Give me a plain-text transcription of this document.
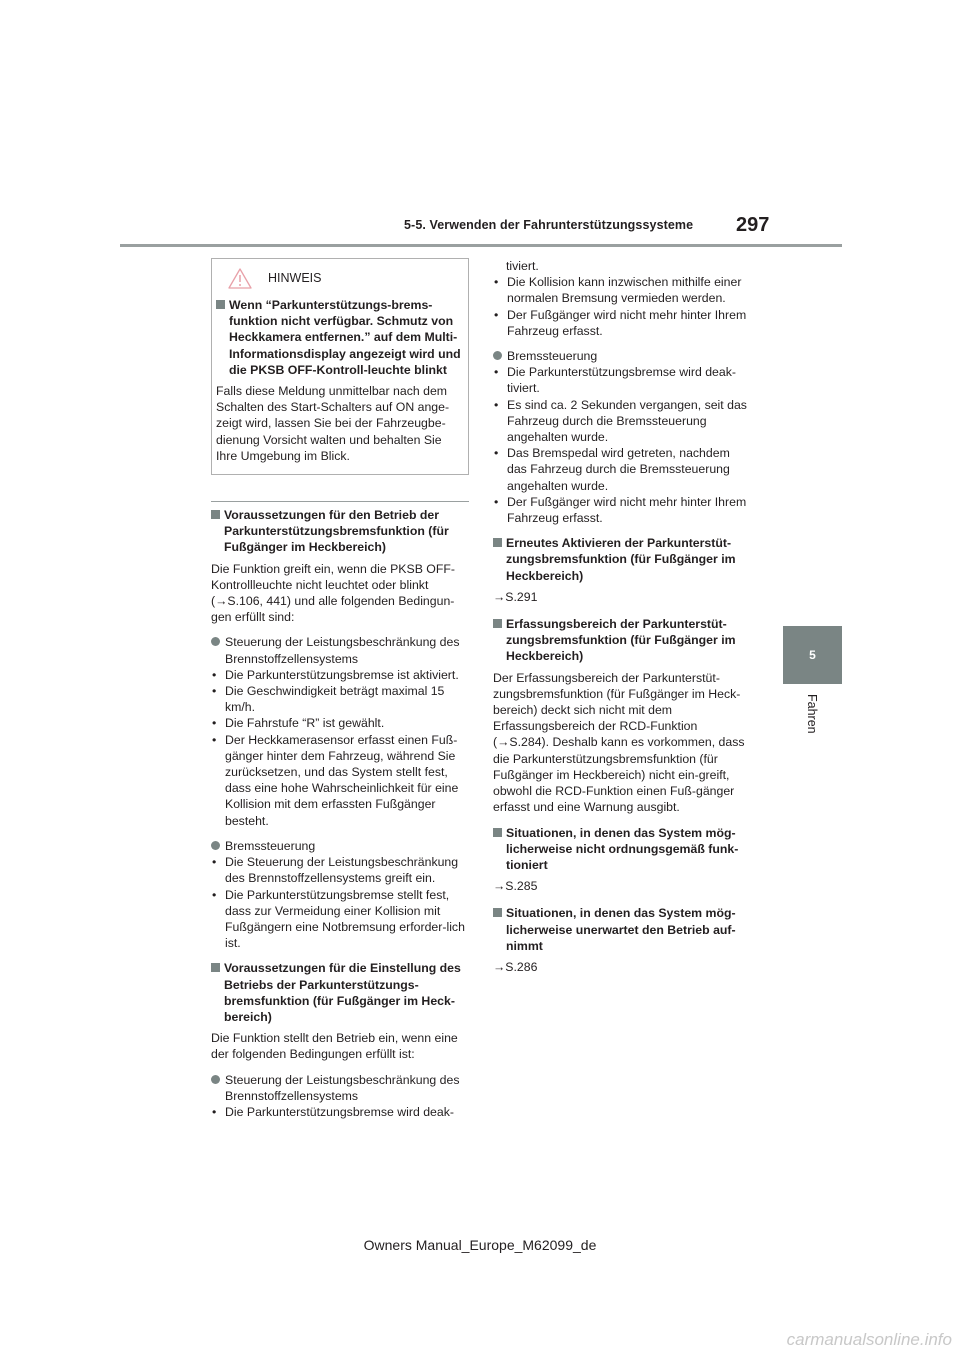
5-5. Verwenden der Fahrunterstützungssysteme 297
5
Fahren
HINWEIS
Wenn “Parkunterstützungs-brems-funktion nicht verfügbar. Schmutz von Heckkamera entfernen.” auf dem Multi-Informationsdisplay angezeigt wird und die PKSB OFF-Kontroll-leuchte blinkt

Falls diese Meldung unmittelbar nach dem Schalten des Start-Schalters auf ON ange-zeigt wird, lassen Sie bei der Fahrzeugbe-dienung Vorsicht walten und behalten Sie Ihre Umgebung im Blick.

Voraussetzungen für den Betrieb der Parkunterstützungsbremsfunktion (für Fußgänger im Heckbereich)

Die Funktion greift ein, wenn die PKSB OFF-Kontrollleuchte nicht leuchtet oder blinkt (→S.106, 441) und alle folgenden Bedingun-gen erfüllt sind:

Steuerung der Leistungsbeschränkung des Brennstoffzellensystems
• Die Parkunterstützungsbremse ist aktiviert.
• Die Geschwindigkeit beträgt maximal 15 km/h.
• Die Fahrstufe “R” ist gewählt.
• Der Heckkamerasensor erfasst einen Fuß-gänger hinter dem Fahrzeug, während Sie zurücksetzen, und das System stellt fest, dass eine hohe Wahrscheinlichkeit für eine Kollision mit dem erfassten Fußgänger besteht.
Bremssteuerung
• Die Steuerung der Leistungsbeschränkung des Brennstoffzellensystems greift ein.
• Die Parkunterstützungsbremse stellt fest, dass zur Vermeidung einer Kollision mit Fußgängern eine Notbremsung erforder-lich ist.
Voraussetzungen für die Einstellung des Betriebs der Parkunterstützungs-bremsfunktion (für Fußgänger im Heck-bereich)

Die Funktion stellt den Betrieb ein, wenn eine der folgenden Bedingungen erfüllt ist:

Steuerung der Leistungsbeschränkung des Brennstoffzellensystems
• Die Parkunterstützungsbremse wird deak-

tiviert.

• Die Kollision kann inzwischen mithilfe einer normalen Bremsung vermieden werden.
• Der Fußgänger wird nicht mehr hinter Ihrem Fahrzeug erfasst.
Bremssteuerung
• Die Parkunterstützungsbremse wird deak-tiviert.
• Es sind ca. 2 Sekunden vergangen, seit das Fahrzeug durch die Bremssteuerung angehalten wurde.
• Das Bremspedal wird getreten, nachdem das Fahrzeug durch die Bremssteuerung angehalten wurde.
• Der Fußgänger wird nicht mehr hinter Ihrem Fahrzeug erfasst.
Erneutes Aktivieren der Parkunterstüt-zungsbremsfunktion (für Fußgänger im Heckbereich)

→S.291

Erfassungsbereich der Parkunterstüt-zungsbremsfunktion (für Fußgänger im Heckbereich)

Der Erfassungsbereich der Parkunterstüt-zungsbremsfunktion (für Fußgänger im Heck-bereich) deckt sich nicht mit dem Erfassungsbereich der RCD-Funktion (→S.284). Deshalb kann es vorkommen, dass die Parkunterstützungsbremsfunktion (für Fußgänger im Heckbereich) nicht ein-greift, obwohl die RCD-Funktion einen Fuß-gänger erfasst und eine Warnung ausgibt.

Situationen, in denen das System mög-licherweise nicht ordnungsgemäß funk-tioniert

→S.285

Situationen, in denen das System mög-licherweise unerwartet den Betrieb auf-nimmt

→S.286

Owners Manual_Europe_M62099_de
carmanualsonline.info
